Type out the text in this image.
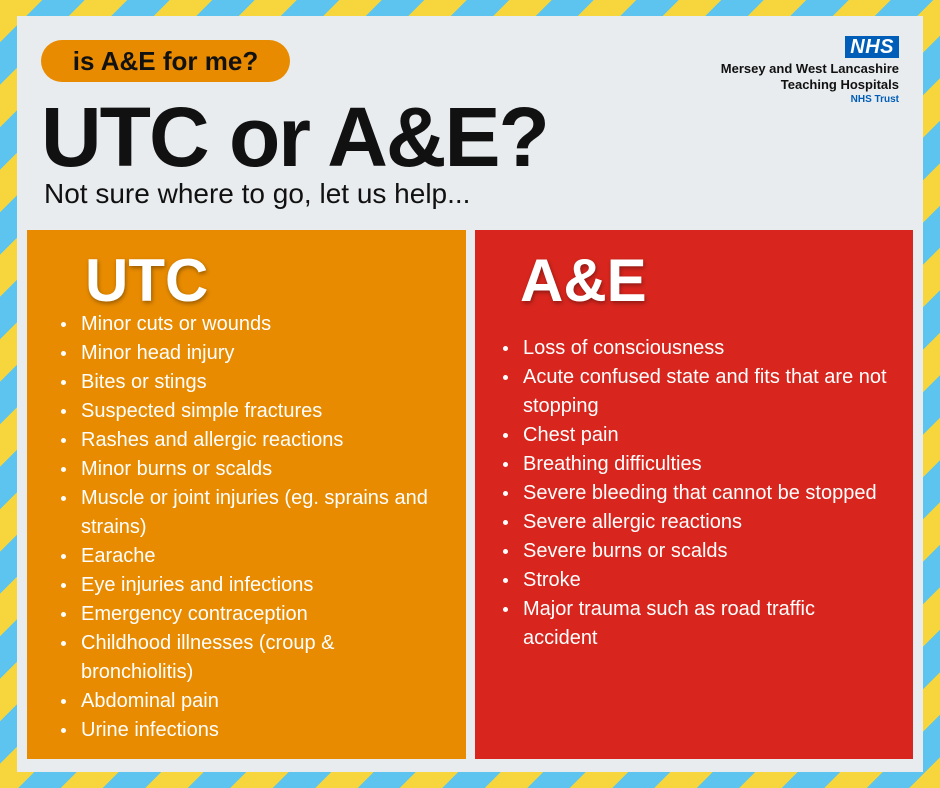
is A&E for me?	NHS
Mersey and West Lancashire
Teaching Hospitals
NHS Trust
UTC or A&E?

Not sure where to go, let us help...

UTC
Minor cuts or wounds
Minor head injury
Bites or stings
Suspected simple fractures
Rashes and allergic reactions
Minor burns or scalds
Muscle or joint injuries (eg. sprains and strains)
Earache
Eye injuries and infections
Emergency contraception
Childhood illnesses (croup & bronchiolitis)
Abdominal pain
Urine infections
A&E
Loss of consciousness
Acute confused state and fits that are not stopping
Chest pain
Breathing difficulties
Severe bleeding that cannot be stopped
Severe allergic reactions
Severe burns or scalds
Stroke
Major trauma such as road traffic accident
